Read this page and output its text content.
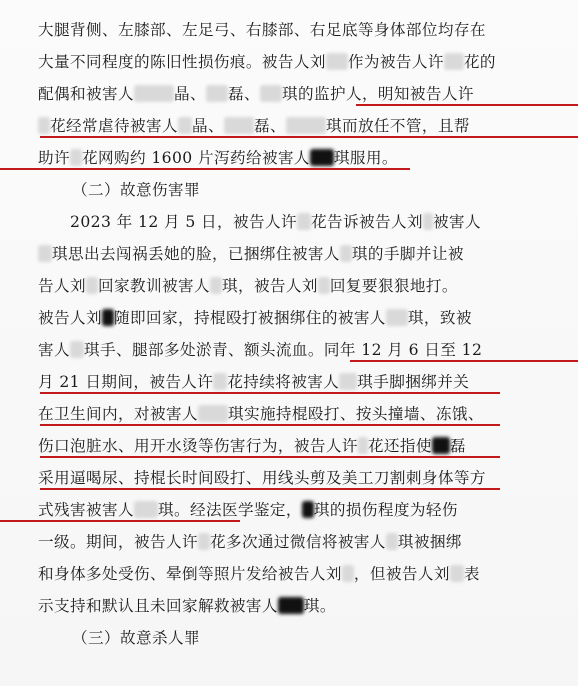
大腿背侧、左膝部、左足弓、右膝部、右足底等身体部位均存在
大量不同程度的陈旧性损伤痕。被告人刘 作为被告人许 花的
配偶和被害人	晶、 磊、 琪的监护人，明知被告人许
花经常虐待被害人 晶、 磊、	琪而放任不管，且帮
助许 花网购约 1600 片泻药给被害人 琪服用。
（二）故意伤害罪
2023 年 12 月 5 日，被告人许 花告诉被告人刘 被害人
琪思出去闯祸丢她的脸，已捆绑住被害人 琪的手脚并让被
告人刘 回家教训被害人 琪，被告人刘 回复要狠狠地打。
被告人刘 随即回家，持棍殴打被捆绑住的被害人 琪，致被
害人 琪手、腿部多处淤青、额头流血。同年 12 月 6 日至 12
月 21 日期间，被告人许 花持续将被害人 琪手脚捆绑并关
在卫生间内，对被害人 琪实施持棍殴打、按头撞墙、冻饿、
伤口泡脏水、用开水烫等伤害行为，被告人许 花还指使 磊
采用逼喝尿、持棍长时间殴打、用线头剪及美工刀割刺身体等方
式残害被害人 琪。经法医学鉴定， 琪的损伤程度为轻伤
一级。期间，被告人许 花多次通过微信将被害人 琪被捆绑
和身体多处受伤、晕倒等照片发给被告人刘 ，但被告人刘 表
示支持和默认且未回家解救被害人 琪。
（三）故意杀人罪
